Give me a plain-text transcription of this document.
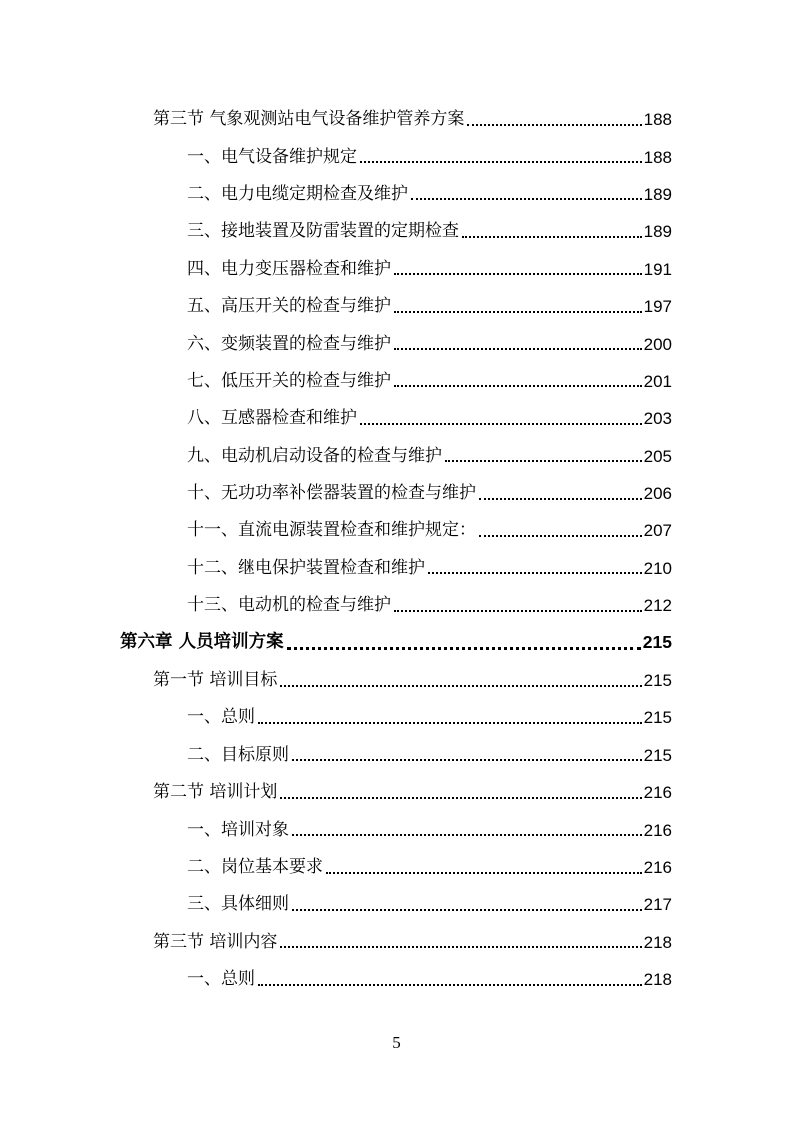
第三节 气象观测站电气设备维护管养方案	188
一、电气设备维护规定	188
二、电力电缆定期检查及维护	189
三、接地装置及防雷装置的定期检查	189
四、电力变压器检查和维护	191
五、高压开关的检查与维护	197
六、变频装置的检查与维护	200
七、低压开关的检查与维护	201
八、互感器检查和维护	203
九、电动机启动设备的检查与维护	205
十、无功功率补偿器装置的检查与维护	206
十一、直流电源装置检查和维护规定：	207
十二、继电保护装置检查和维护	210
十三、电动机的检查与维护	212
第六章 人员培训方案	215
第一节 培训目标	215
一、总则	215
二、目标原则	215
第二节 培训计划	216
一、培训对象	216
二、岗位基本要求	216
三、具体细则	217
第三节 培训内容	218
一、总则	218
5
